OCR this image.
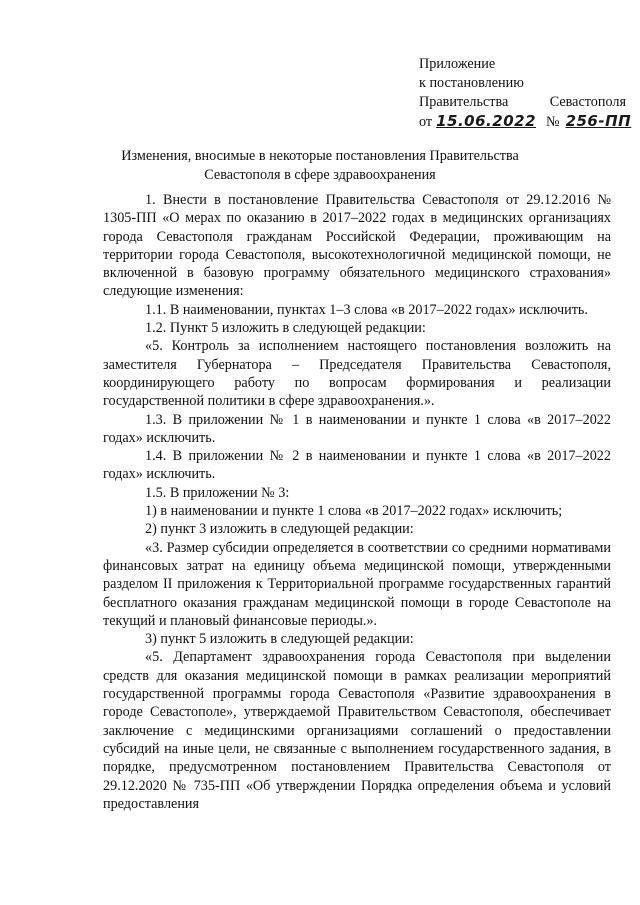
Приложение
к постановлению
Правительства	Севастополя
от 15.06.2022 № 256-ПП
Изменения, вносимые в некоторые постановления Правительства
Севастополя в сфере здравоохранения

1. Внести в постановление Правительства Севастополя от 29.12.2016 № 1305-ПП «О мерах по оказанию в 2017–2022 годах в медицинских организациях города Севастополя гражданам Российской Федерации, проживающим на территории города Севастополя, высокотехнологичной медицинской помощи, не включенной в базовую программу обязательного медицинского страхования» следующие изменения:

1.1. В наименовании, пунктах 1–3 слова «в 2017–2022 годах» исключить.

1.2. Пункт 5 изложить в следующей редакции:

«5. Контроль за исполнением настоящего постановления возложить на заместителя Губернатора – Председателя Правительства Севастополя, координирующего работу по вопросам формирования и реализации государственной политики в сфере здравоохранения.».

1.3. В приложении № 1 в наименовании и пункте 1 слова «в 2017–2022 годах» исключить.

1.4. В приложении № 2 в наименовании и пункте 1 слова «в 2017–2022 годах» исключить.

1.5. В приложении № 3:

1) в наименовании и пункте 1 слова «в 2017–2022 годах» исключить;

2) пункт 3 изложить в следующей редакции:

«3. Размер субсидии определяется в соответствии со средними нормативами финансовых затрат на единицу объема медицинской помощи, утвержденными разделом II приложения к Территориальной программе государственных гарантий бесплатного оказания гражданам медицинской помощи в городе Севастополе на текущий и плановый финансовые периоды.».

3) пункт 5 изложить в следующей редакции:

«5. Департамент здравоохранения города Севастополя при выделении средств для оказания медицинской помощи в рамках реализации мероприятий государственной программы города Севастополя «Развитие здравоохранения в городе Севастополе», утверждаемой Правительством Севастополя, обеспечивает заключение с медицинскими организациями соглашений о предоставлении субсидий на иные цели, не связанные с выполнением государственного задания, в порядке, предусмотренном постановлением Правительства Севастополя от 29.12.2020 № 735-ПП «Об утверждении Порядка определения объема и условий предоставления
